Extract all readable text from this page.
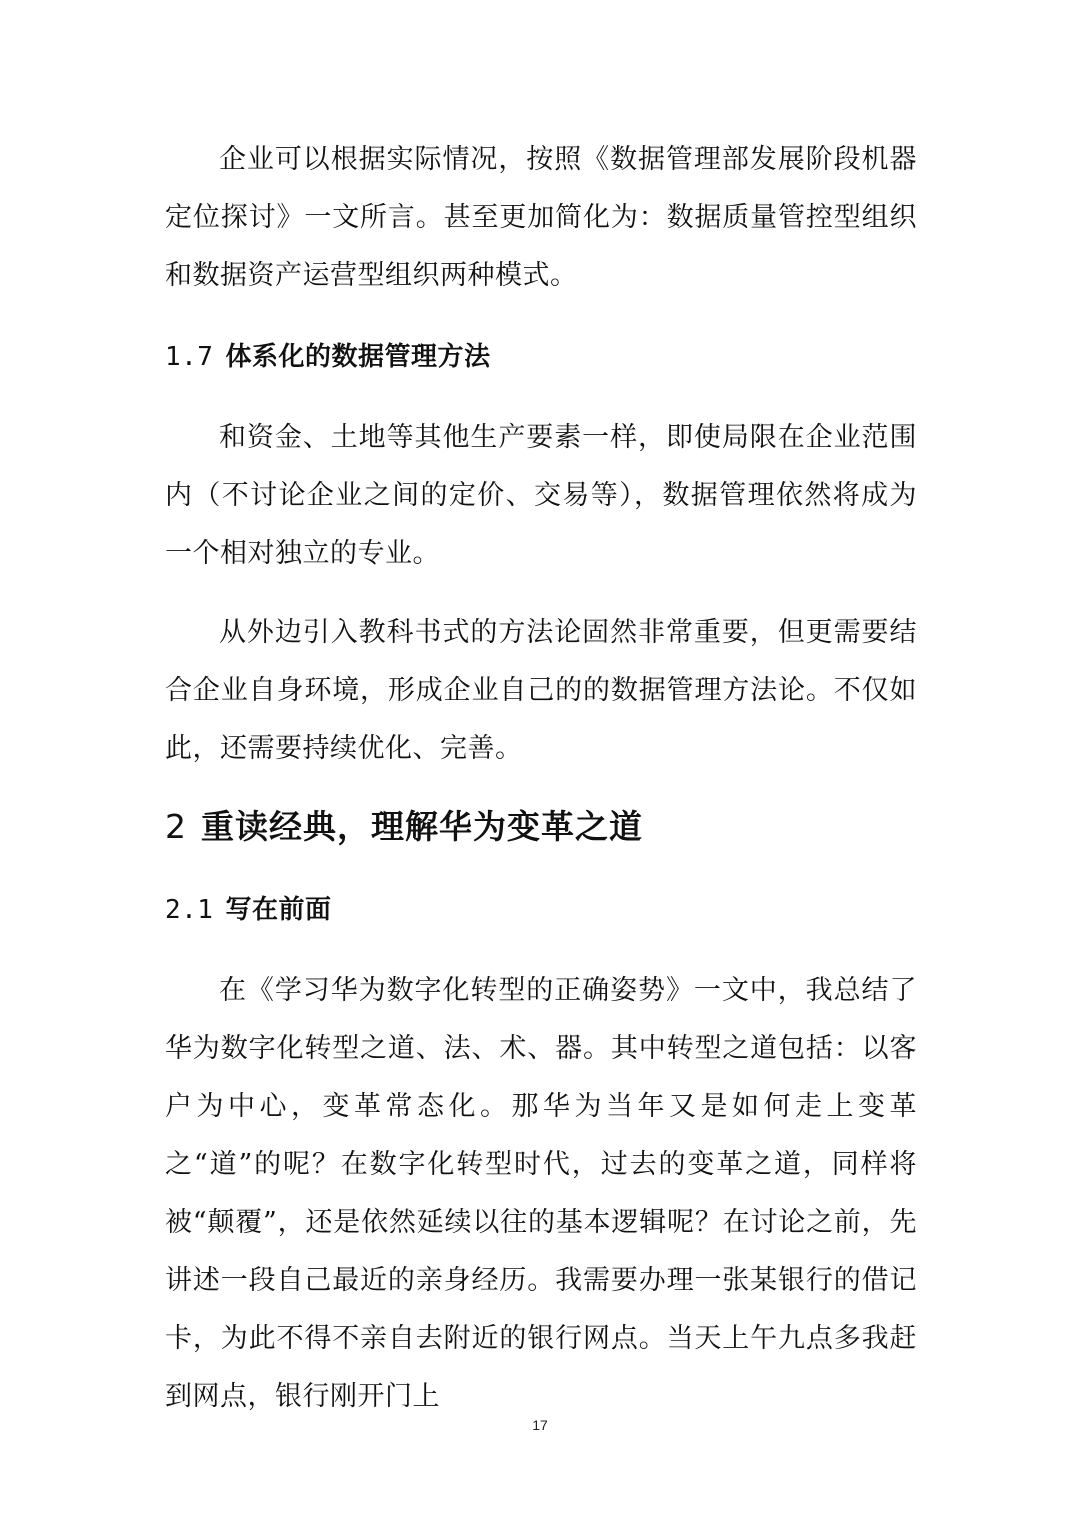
企业可以根据实际情况，按照《数据管理部发展阶段机器定位探讨》一文所言。甚至更加简化为：数据质量管控型组织和数据资产运营型组织两种模式。

1.7 体系化的数据管理方法

和资金、土地等其他生产要素一样，即使局限在企业范围内（不讨论企业之间的定价、交易等），数据管理依然将成为一个相对独立的专业。

从外边引入教科书式的方法论固然非常重要，但更需要结合企业自身环境，形成企业自己的的数据管理方法论。不仅如此，还需要持续优化、完善。

2 重读经典，理解华为变革之道
2.1 写在前面

在《学习华为数字化转型的正确姿势》一文中，我总结了华为数字化转型之道、法、术、器。其中转型之道包括：以客户为中心，变革常态化。那华为当年又是如何走上变革之“道”的呢？在数字化转型时代，过去的变革之道，同样将被“颠覆”，还是依然延续以往的基本逻辑呢？在讨论之前，先讲述一段自己最近的亲身经历。我需要办理一张某银行的借记卡，为此不得不亲自去附近的银行网点。当天上午九点多我赶到网点，银行刚开门上

17
